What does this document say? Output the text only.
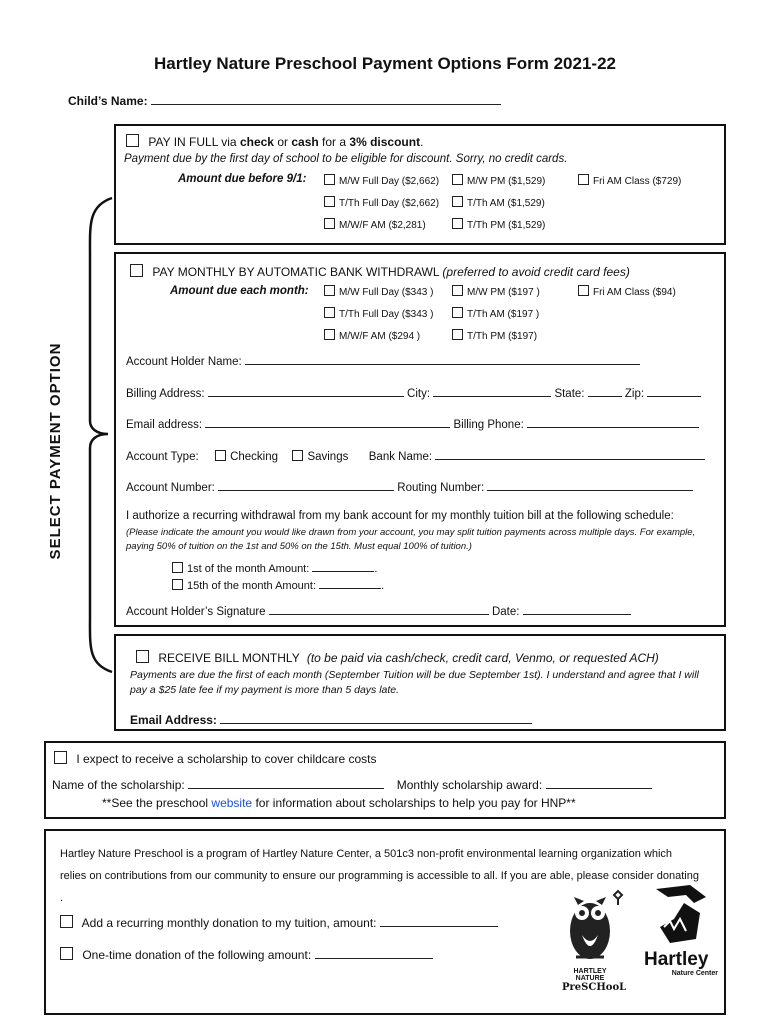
Hartley Nature Preschool Payment Options Form 2021-22
Child’s Name:
SELECT PAYMENT OPTION
PAY IN FULL via check or cash for a 3% discount.
Payment due by the first day of school to be eligible for discount. Sorry, no credit cards.
Amount due before 9/1:	M/W Full Day ($2,662)	M/W PM ($1,529)	Fri AM Class ($729)
T/Th Full Day ($2,662)	T/Th AM ($1,529)
M/W/F AM ($2,281)	T/Th PM ($1,529)
PAY MONTHLY BY AUTOMATIC BANK WITHDRAWL (preferred to avoid credit card fees)
Amount due each month:	M/W Full Day ($343 )	M/W PM ($197 )	Fri AM Class ($94)
T/Th Full Day ($343 )	T/Th AM ($197 )
M/W/F AM ($294 )	T/Th PM ($197)
Account Holder Name:
Billing Address:	City:	State:	Zip:
Email address:	Billing Phone:
Account Type:	Checking	Savings Bank Name:
Account Number:	Routing Number:
I authorize a recurring withdrawal from my bank account for my monthly tuition bill at the following schedule:
(Please indicate the amount you would like drawn from your account, you may split tuition payments across multiple days. For example, paying 50% of tuition on the 1st and 50% on the 15th. Must equal 100% of tuition.)
1st of the month Amount:	.
15th of the month Amount:	.
Account Holder’s Signature	Date:
RECEIVE BILL MONTHLY (to be paid via cash/check, credit card, Venmo, or requested ACH)
Payments are due the first of each month (September Tuition will be due September 1st). I understand and agree that I will pay a $25 late fee if my payment is more than 5 days late.
Email Address:
I expect to receive a scholarship to cover childcare costs
Name of the scholarship:	Monthly scholarship award:
**See the preschool website for information about scholarships to help you pay for HNP**
Hartley Nature Preschool is a program of Hartley Nature Center, a 501c3 non-profit environmental learning organization which relies on contributions from our community to ensure our programming is accessible to all. If you are able, please consider donating .
Add a recurring monthly donation to my tuition, amount:
One-time donation of the following amount:
HARTLEY NATURE
PreSCHooL
Hartley
Nature Center
